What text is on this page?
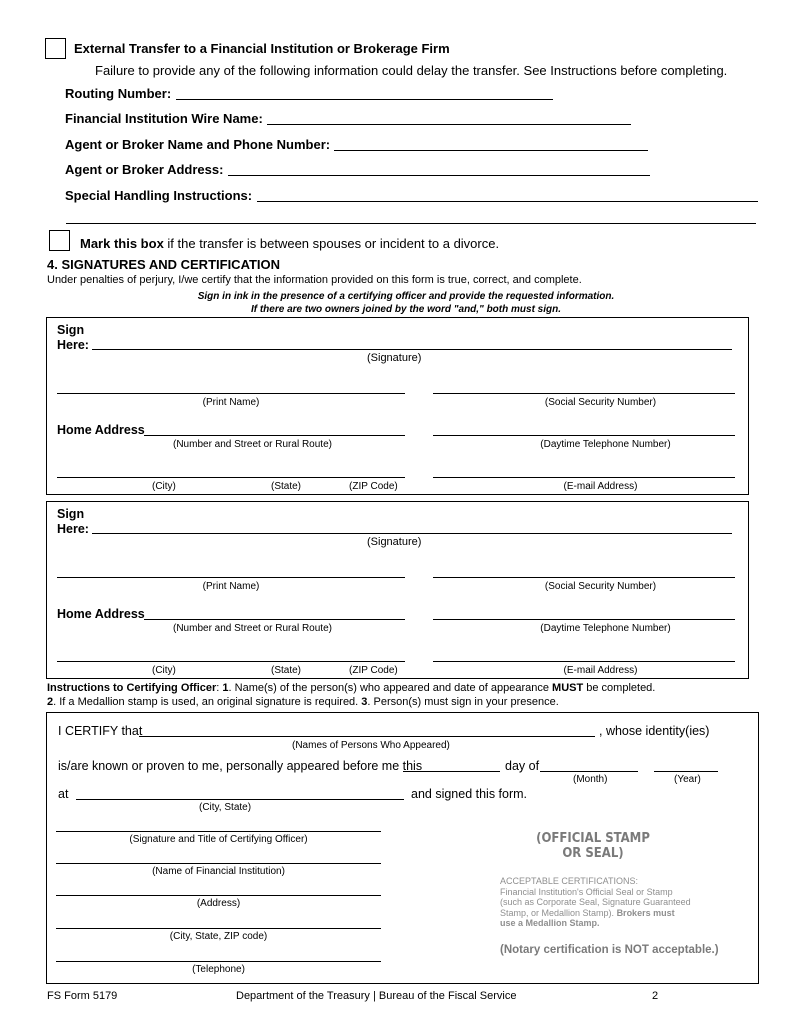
External Transfer to a Financial Institution or Brokerage Firm
Failure to provide any of the following information could delay the transfer. See Instructions before completing.
Routing Number:
Financial Institution Wire Name:
Agent or Broker Name and Phone Number:
Agent or Broker Address:
Special Handling Instructions:
Mark this box if the transfer is between spouses or incident to a divorce.
4. SIGNATURES AND CERTIFICATION
Under penalties of perjury, I/we certify that the information provided on this form is true, correct, and complete.
Sign in ink in the presence of a certifying officer and provide the requested information.
If there are two owners joined by the word "and," both must sign.
Sign
Here:
(Signature)
(Print Name)	(Social Security Number)
Home Address
(Number and Street or Rural Route)	(Daytime Telephone Number)
(City)	(State)	(ZIP Code)	(E-mail Address)
Sign
Here:
(Signature)
(Print Name)	(Social Security Number)
Home Address
(Number and Street or Rural Route)	(Daytime Telephone Number)
(City)	(State)	(ZIP Code)	(E-mail Address)
Instructions to Certifying Officer: 1. Name(s) of the person(s) who appeared and date of appearance MUST be completed.
2. If a Medallion stamp is used, an original signature is required. 3. Person(s) must sign in your presence.
I CERTIFY that	, whose identity(ies)
(Names of Persons Who Appeared)
is/are known or proven to me, personally appeared before me this	day of
(Month)	(Year)
at	and signed this form.
(City, State)
(Signature and Title of Certifying Officer)
(Name of Financial Institution)
(Address)
(City, State, ZIP code)
(Telephone)
(OFFICIAL STAMP
OR SEAL)
ACCEPTABLE CERTIFICATIONS:
Financial Institution's Official Seal or Stamp
(such as Corporate Seal, Signature Guaranteed
Stamp, or Medallion Stamp). Brokers must
use a Medallion Stamp.
(Notary certification is NOT acceptable.)
FS Form 5179	Department of the Treasury | Bureau of the Fiscal Service	2
